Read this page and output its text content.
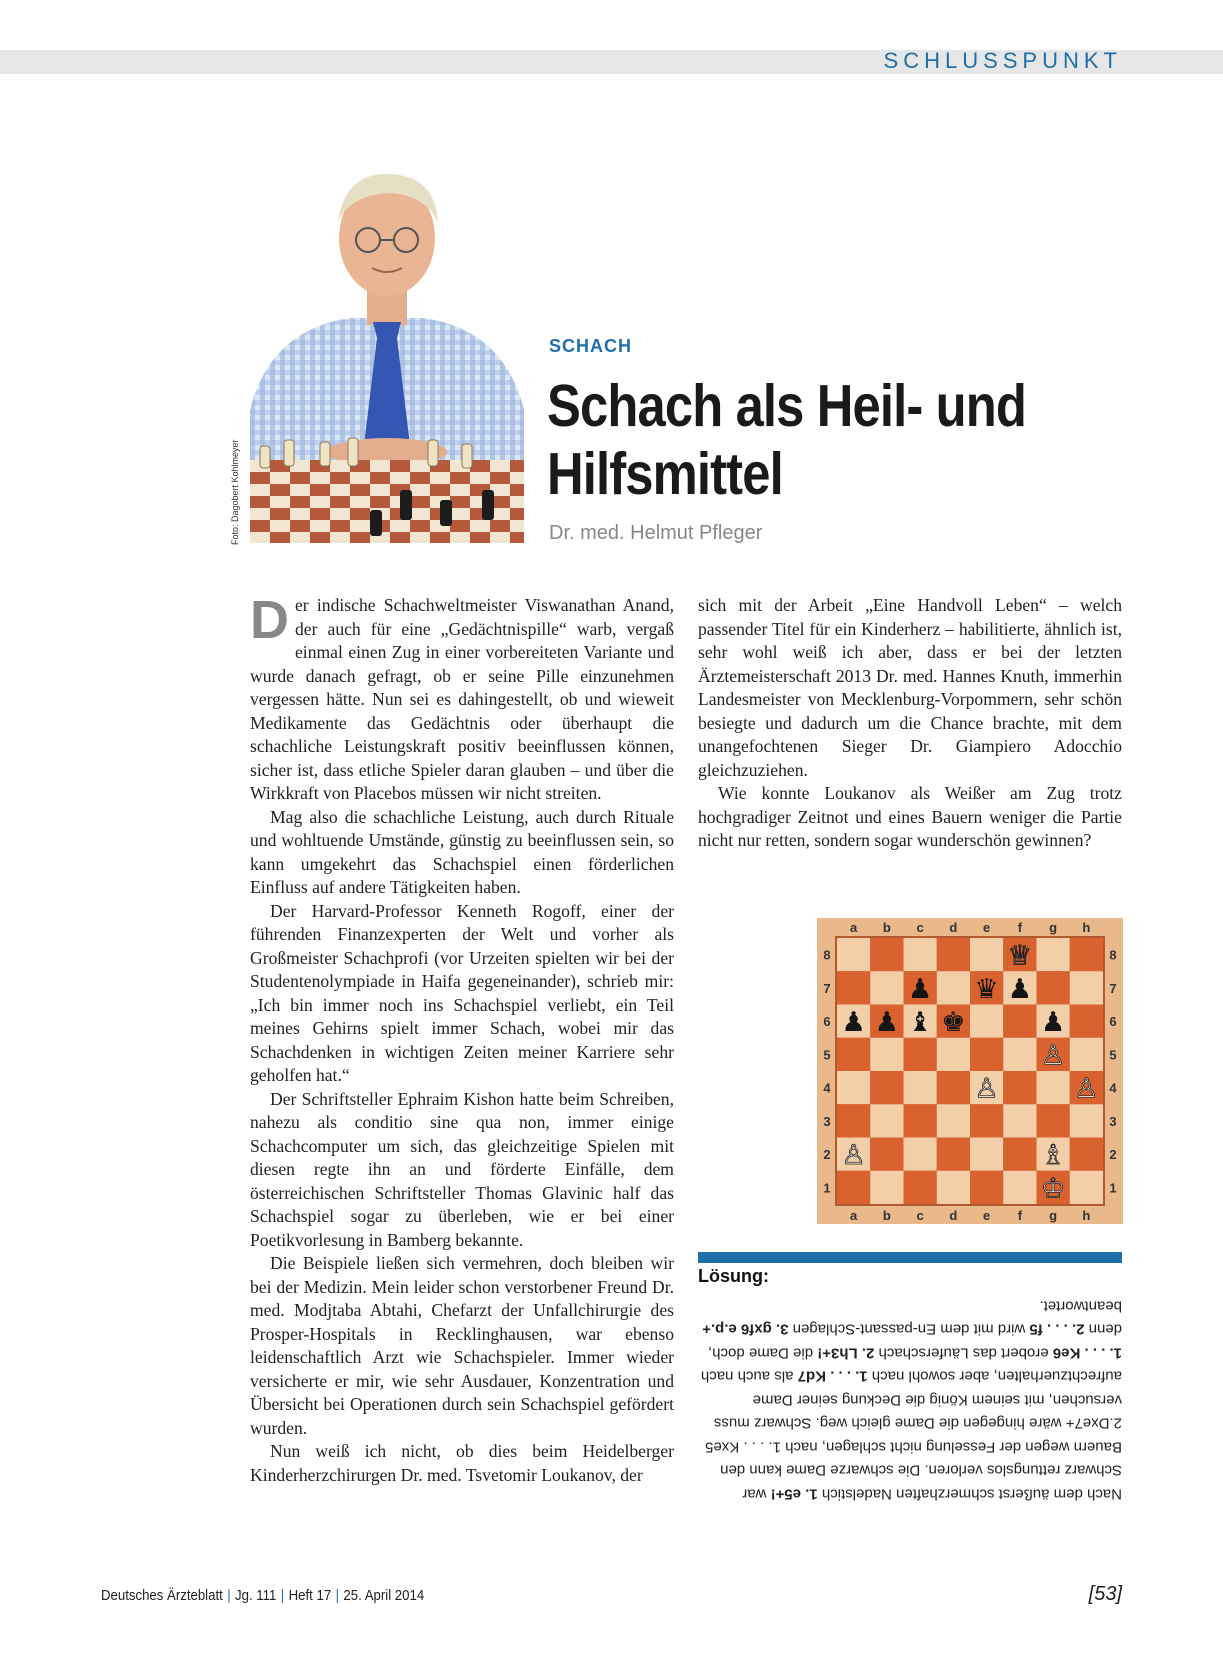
SCHLUSSPUNKT
Foto: Dagobert Kohlmeyer
SCHACH
Schach als Heil- und
Hilfsmittel
Dr. med. Helmut Pfleger

Der indische Schachweltmeister Viswanathan Anand, der auch für eine „Gedächtnispille“ warb, vergaß einmal einen Zug in einer vorbereiteten Variante und wurde danach gefragt, ob er seine Pille einzunehmen vergessen hätte. Nun sei es dahingestellt, ob und wieweit Medikamente das Gedächtnis oder überhaupt die schachliche Leistungskraft positiv beeinflussen können, sicher ist, dass etliche Spieler daran glauben – und über die Wirkkraft von Placebos müssen wir nicht streiten.

Mag also die schachliche Leistung, auch durch Rituale und wohltuende Umstände, günstig zu beeinflussen sein, so kann umgekehrt das Schachspiel einen förderlichen Einfluss auf andere Tätigkeiten haben.

Der Harvard-Professor Kenneth Rogoff, einer der führenden Finanzexperten der Welt und vorher als Großmeister Schachprofi (vor Urzeiten spielten wir bei der Studentenolympiade in Haifa gegeneinander), schrieb mir: „Ich bin immer noch ins Schachspiel verliebt, ein Teil meines Gehirns spielt immer Schach, wobei mir das Schachdenken in wichtigen Zeiten meiner Karriere sehr geholfen hat.“

Der Schriftsteller Ephraim Kishon hatte beim Schreiben, nahezu als conditio sine qua non, immer einige Schachcomputer um sich, das gleichzeitige Spielen mit diesen regte ihn an und förderte Einfälle, dem österreichischen Schriftsteller Thomas Glavinic half das Schachspiel sogar zu überleben, wie er bei einer Poetikvorlesung in Bamberg bekannte.

Die Beispiele ließen sich vermehren, doch bleiben wir bei der Medizin. Mein leider schon verstorbener Freund Dr. med. Modjtaba Abtahi, Chefarzt der Unfallchirurgie des Prosper-Hospitals in Recklinghausen, war ebenso leidenschaftlich Arzt wie Schachspieler. Immer wieder versicherte er mir, wie sehr Ausdauer, Konzentration und Übersicht bei Operationen durch sein Schachspiel gefördert wurden.

Nun weiß ich nicht, ob dies beim Heidelberger Kinderherzchirurgen Dr. med. Tsvetomir Loukanov, der

sich mit der Arbeit „Eine Handvoll Leben“ – welch passender Titel für ein Kinderherz – habilitierte, ähnlich ist, sehr wohl weiß ich aber, dass er bei der letzten Ärztemeisterschaft 2013 Dr. med. Hannes Knuth, immerhin Landesmeister von Mecklenburg-Vorpommern, sehr schön besiegte und dadurch um die Chance brachte, mit dem unangefochtenen Sieger Dr. Giampiero Adocchio gleichzuziehen.

Wie konnte Loukanov als Weißer am Zug trotz hochgradiger Zeitnot und eines Bauern weniger die Partie nicht nur retten, sondern sogar wunderschön gewinnen?

a
a
b
b
c
c
d
d
e
e
f
f
g
g
h
h
8	8
7	7
6	6
5	5
4	4
3	3
2	2
1	1
♕
♟ ♛ ♟
♟ ♟ ♝ ♚	♟
♙
♙	♙
♙	♗
♔
Lösung:
Nach dem äußerst schmerzhaften Nadelstich 1. e5+! war Schwarz rettungslos verloren. Die schwarze Dame kann den Bauern wegen der Fesselung nicht schlagen, nach 1. . . . Kxe5 2.Dxe7+ wäre hingegen die Dame gleich weg. Schwarz muss versuchen, mit seinem König die Deckung seiner Dame aufrechtzuerhalten, aber sowohl nach 1. . . . Kd7 als auch nach 1. . . . Ke6 erobert das Läuferschach 2. Lh3+! die Dame doch, denn 2. . . . f5 wird mit dem En-passant-Schlagen 3. gxf6 e.p.+ beantwortet.
Deutsches Ärzteblatt | Jg. 111 | Heft 17 | 25. April 2014	[53]
